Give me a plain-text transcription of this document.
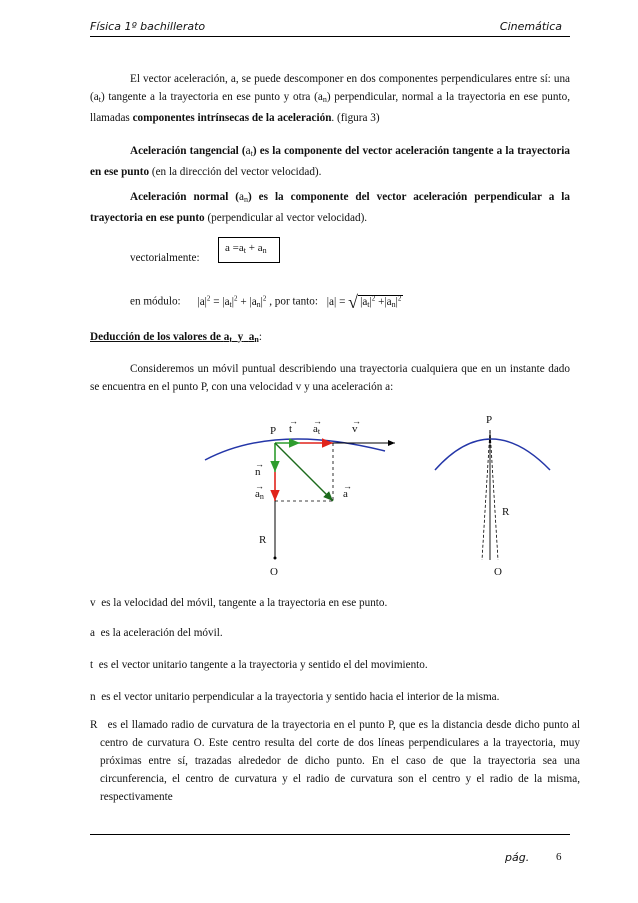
Física 1º bachillerato	Cinemática
El vector aceleración, a, se puede descomponer en dos componentes perpendiculares entre sí: una $(a_t)$ tangente a la trayectoria en ese punto y otra $(a_n)$ perpendicular, normal a la trayectoria en ese punto, llamadas componentes intrínsecas de la aceleración. (figura 3)
Aceleración tangencial $(a_t)$ es la componente del vector aceleración tangente a la trayectoria en ese punto (en la dirección del vector velocidad).
Aceleración normal $(a_n)$ es la componente del vector aceleración perpendicular a la trayectoria en ese punto (perpendicular al vector velocidad).
vectorialmente:
$a =a_t + a_n$
en módulo: $|a|^2 = |a_t|^2 + |a_n|^2$ , por tanto: |a| = √ $|a_t|^2 +|a_n|^2$
Deducción de los valores de $a_t$ y $a_n$:
Consideremos un móvil puntual describiendo una trayectoria cualquiera que en un instante dado se encuentra en el punto P, con una velocidad v y una aceleración a:
P
→
t
→
at
→
v
→
n
→
an
→
a
R
O
P
R
O
v es la velocidad del móvil, tangente a la trayectoria en ese punto.
a es la aceleración del móvil.
t es el vector unitario tangente a la trayectoria y sentido el del movimiento.
n es el vector unitario perpendicular a la trayectoria y sentido hacia el interior de la misma.
R es el llamado radio de curvatura de la trayectoria en el punto P, que es la distancia desde dicho punto al centro de curvatura O. Este centro resulta del corte de dos líneas perpendiculares a la trayectoria, muy próximas entre sí, trazadas alrededor de dicho punto. En el caso de que la trayectoria sea una circunferencia, el centro de curvatura y el radio de curvatura son el centro y el radio de la misma, respectivamente
pág. 6
